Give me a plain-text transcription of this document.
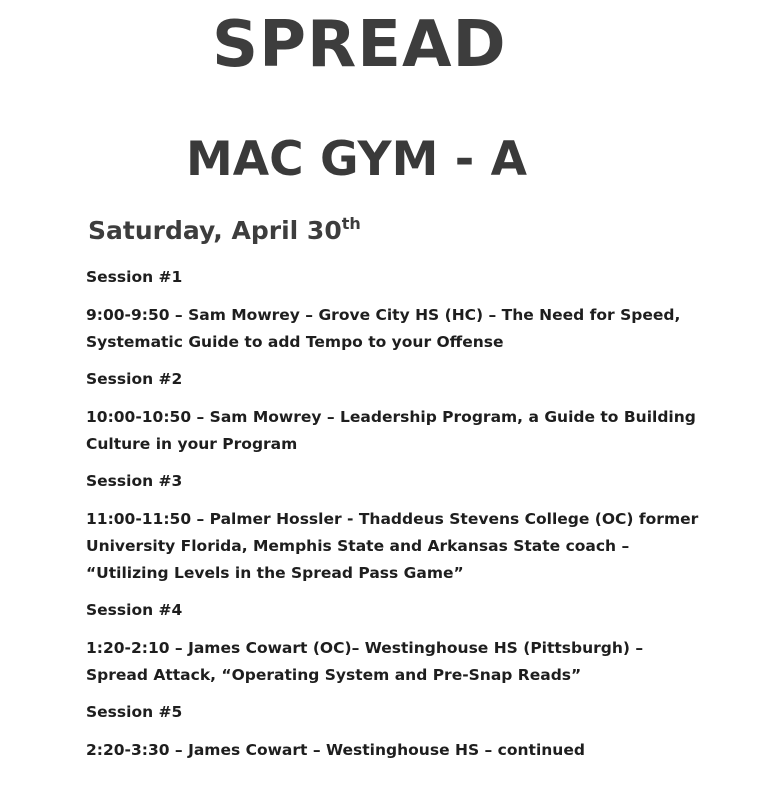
SPREAD
MAC GYM - A
Saturday, April 30th

Session #1

9:00-9:50 – Sam Mowrey – Grove City HS (HC) – The Need for Speed,
Systematic Guide to add Tempo to your Offense

Session #2

10:00-10:50 – Sam Mowrey – Leadership Program, a Guide to Building
Culture in your Program

Session #3

11:00-11:50 – Palmer Hossler - Thaddeus Stevens College (OC) former
University Florida, Memphis State and Arkansas State coach –
“Utilizing Levels in the Spread Pass Game”

Session #4

1:20-2:10 – James Cowart (OC)– Westinghouse HS (Pittsburgh) –
Spread Attack, “Operating System and Pre-Snap Reads”

Session #5

2:20-3:30 – James Cowart – Westinghouse HS – continued
